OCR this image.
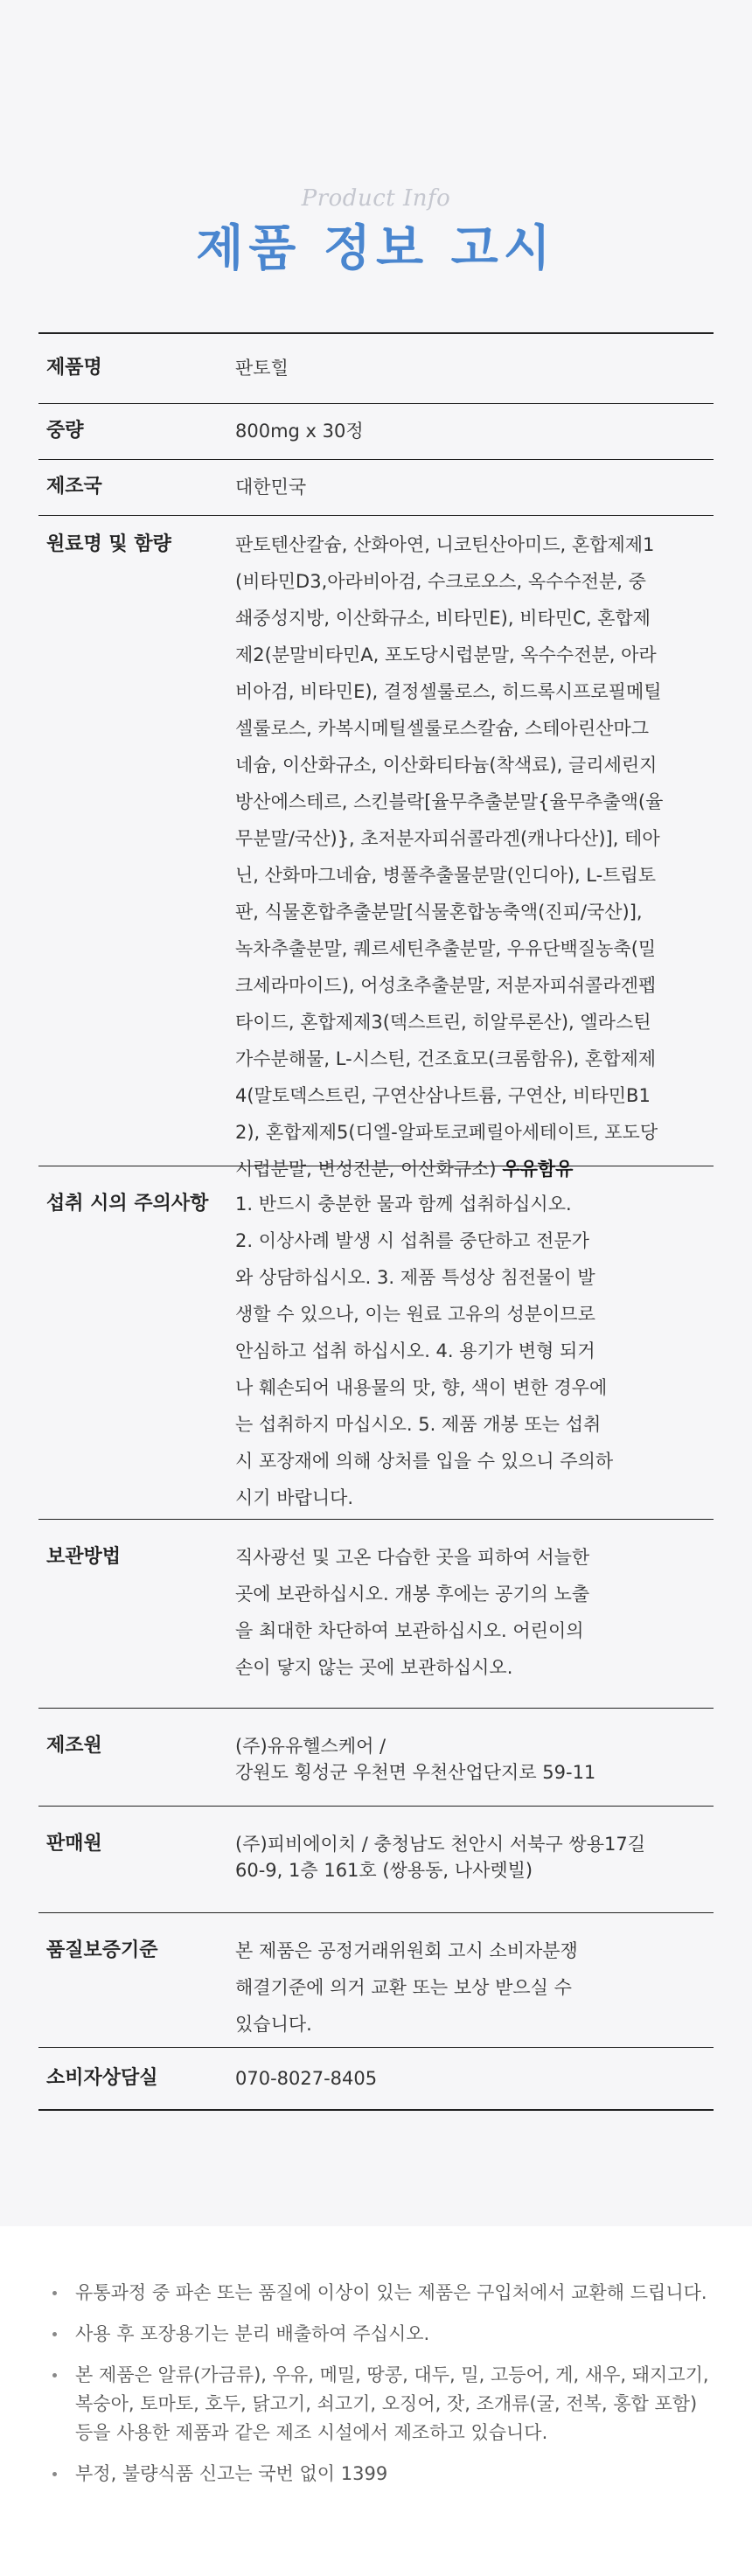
Product Info
제품 정보 고시
제품명	판토힐
중량	800mg x 30정
제조국	대한민국
원료명 및 함량	판토텐산칼슘, 산화아연, 니코틴산아미드, 혼합제제1
(비타민D3,아라비아검, 수크로오스, 옥수수전분, 중
쇄중성지방, 이산화규소, 비타민E), 비타민C, 혼합제
제2(분말비타민A, 포도당시럽분말, 옥수수전분, 아라
비아검, 비타민E), 결정셀룰로스, 히드록시프로필메틸
셀룰로스, 카복시메틸셀룰로스칼슘, 스테아린산마그
네슘, 이산화규소, 이산화티타늄(착색료), 글리세린지
방산에스테르, 스킨블락[율무추출분말{율무추출액(율
무분말/국산)}, 초저분자피쉬콜라겐(캐나다산)], 테아
닌, 산화마그네슘, 병풀추출물분말(인디아), L-트립토
판, 식물혼합추출분말[식물혼합농축액(진피/국산)],
녹차추출분말, 퀘르세틴추출분말, 우유단백질농축(밀
크세라마이드), 어성초추출분말, 저분자피쉬콜라겐펩
타이드, 혼합제제3(덱스트린, 히알루론산), 엘라스틴
가수분해물, L-시스틴, 건조효모(크롬함유), 혼합제제
4(말토덱스트린, 구연산삼나트륨, 구연산, 비타민B1
2), 혼합제제5(디엘-알파토코페릴아세테이트, 포도당
시럽분말, 변성전분, 이산화규소) 우유함유
섭취 시의 주의사항	1. 반드시 충분한 물과 함께 섭취하십시오.
2. 이상사례 발생 시 섭취를 중단하고 전문가
와 상담하십시오. 3. 제품 특성상 침전물이 발
생할 수 있으나, 이는 원료 고유의 성분이므로
안심하고 섭취 하십시오. 4. 용기가 변형 되거
나 훼손되어 내용물의 맛, 향, 색이 변한 경우에
는 섭취하지 마십시오. 5. 제품 개봉 또는 섭취
시 포장재에 의해 상처를 입을 수 있으니 주의하
시기 바랍니다.
보관방법	직사광선 및 고온 다습한 곳을 피하여 서늘한
곳에 보관하십시오. 개봉 후에는 공기의 노출
을 최대한 차단하여 보관하십시오. 어린이의
손이 닿지 않는 곳에 보관하십시오.
제조원	(주)유유헬스케어 /
강원도 횡성군 우천면 우천산업단지로 59-11
판매원	(주)피비에이치 / 충청남도 천안시 서북구 쌍용17길
60-9, 1층 161호 (쌍용동, 나사렛빌)
품질보증기준	본 제품은 공정거래위원회 고시 소비자분쟁
해결기준에 의거 교환 또는 보상 받으실 수
있습니다.
소비자상담실	070-8027-8405
유통과정 중 파손 또는 품질에 이상이 있는 제품은 구입처에서 교환해 드립니다.
사용 후 포장용기는 분리 배출하여 주십시오.
본 제품은 알류(가금류), 우유, 메밀, 땅콩, 대두, 밀, 고등어, 게, 새우, 돼지고기,
복숭아, 토마토, 호두, 닭고기, 쇠고기, 오징어, 잣, 조개류(굴, 전복, 홍합 포함)
등을 사용한 제품과 같은 제조 시설에서 제조하고 있습니다.
부정, 불량식품 신고는 국번 없이 1399
